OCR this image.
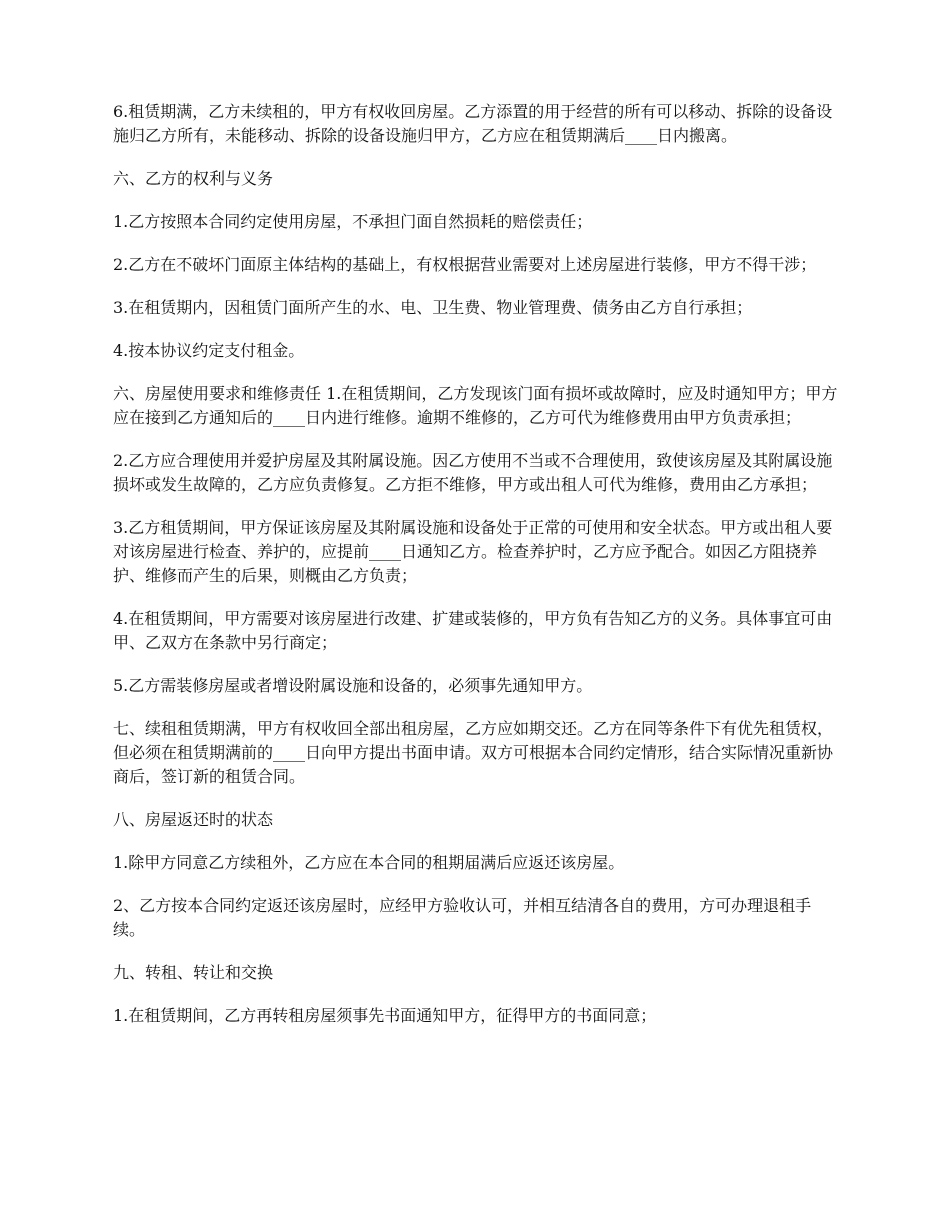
6.租赁期满，乙方未续租的，甲方有权收回房屋。乙方添置的用于经营的所有可以移动、拆除的设备设施归乙方所有，未能移动、拆除的设备设施归甲方，乙方应在租赁期满后____日内搬离。

六、乙方的权利与义务

1.乙方按照本合同约定使用房屋，不承担门面自然损耗的赔偿责任；

2.乙方在不破坏门面原主体结构的基础上，有权根据营业需要对上述房屋进行装修，甲方不得干涉；

3.在租赁期内，因租赁门面所产生的水、电、卫生费、物业管理费、债务由乙方自行承担；

4.按本协议约定支付租金。

六、房屋使用要求和维修责任 1.在租赁期间，乙方发现该门面有损坏或故障时，应及时通知甲方；甲方应在接到乙方通知后的____日内进行维修。逾期不维修的，乙方可代为维修费用由甲方负责承担；

2.乙方应合理使用并爱护房屋及其附属设施。因乙方使用不当或不合理使用，致使该房屋及其附属设施损坏或发生故障的，乙方应负责修复。乙方拒不维修，甲方或出租人可代为维修，费用由乙方承担；

3.乙方租赁期间，甲方保证该房屋及其附属设施和设备处于正常的可使用和安全状态。甲方或出租人要对该房屋进行检查、养护的，应提前____日通知乙方。检查养护时，乙方应予配合。如因乙方阻挠养护、维修而产生的后果，则概由乙方负责；

4.在租赁期间，甲方需要对该房屋进行改建、扩建或装修的，甲方负有告知乙方的义务。具体事宜可由甲、乙双方在条款中另行商定；

5.乙方需装修房屋或者增设附属设施和设备的，必须事先通知甲方。

七、续租租赁期满，甲方有权收回全部出租房屋，乙方应如期交还。乙方在同等条件下有优先租赁权，但必须在租赁期满前的____日向甲方提出书面申请。双方可根据本合同约定情形，结合实际情况重新协商后，签订新的租赁合同。

八、房屋返还时的状态

1.除甲方同意乙方续租外，乙方应在本合同的租期届满后应返还该房屋。

2、乙方按本合同约定返还该房屋时，应经甲方验收认可，并相互结清各自的费用，方可办理退租手续。

九、转租、转让和交换

1.在租赁期间，乙方再转租房屋须事先书面通知甲方，征得甲方的书面同意；
